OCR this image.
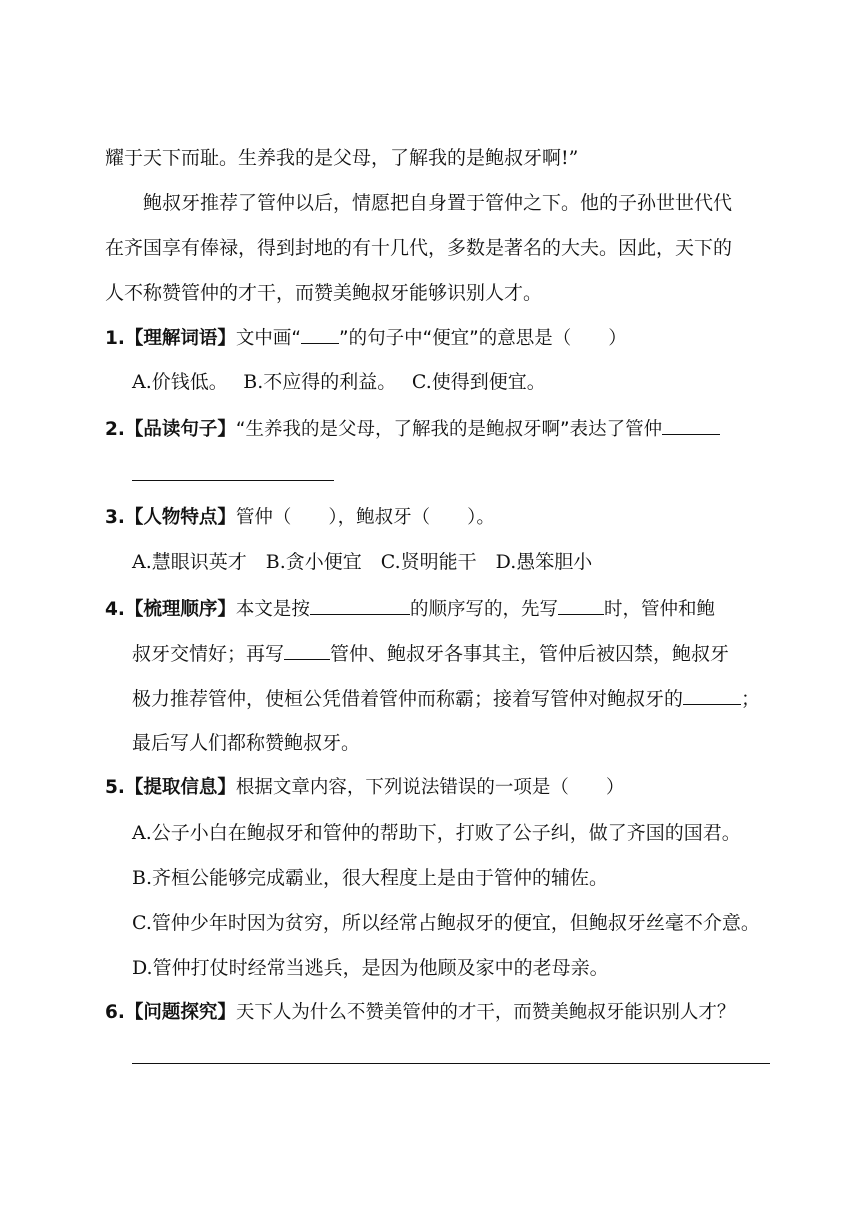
耀于天下而耻。生养我的是父母，了解我的是鲍叔牙啊!”
鲍叔牙推荐了管仲以后，情愿把自身置于管仲之下。他的子孙世世代代
在齐国享有俸禄，得到封地的有十几代，多数是著名的大夫。因此，天下的
人不称赞管仲的才干，而赞美鲍叔牙能够识别人才。
1.【理解词语】文中画“ ”的句子中“便宜”的意思是（　　）
A.价钱低。　 B.不应得的利益。　 C.使得到便宜。
2.【品读句子】“生养我的是父母，了解我的是鲍叔牙啊”表达了管仲
3.【人物特点】管仲（　　），鲍叔牙（　　）。
A.慧眼识英才　B.贪小便宜　C.贤明能干　D.愚笨胆小
4.【梳理顺序】本文是按	的顺序写的，先写 时，管仲和鲍
叔牙交情好；再写 管仲、鲍叔牙各事其主，管仲后被囚禁，鲍叔牙
极力推荐管仲，使桓公凭借着管仲而称霸；接着写管仲对鲍叔牙的	；
最后写人们都称赞鲍叔牙。
5.【提取信息】根据文章内容，下列说法错误的一项是（　　）
A.公子小白在鲍叔牙和管仲的帮助下，打败了公子纠，做了齐国的国君。
B.齐桓公能够完成霸业，很大程度上是由于管仲的辅佐。
C.管仲少年时因为贫穷，所以经常占鲍叔牙的便宜，但鲍叔牙丝毫不介意。
D.管仲打仗时经常当逃兵，是因为他顾及家中的老母亲。
6.【问题探究】天下人为什么不赞美管仲的才干，而赞美鲍叔牙能识别人才？
